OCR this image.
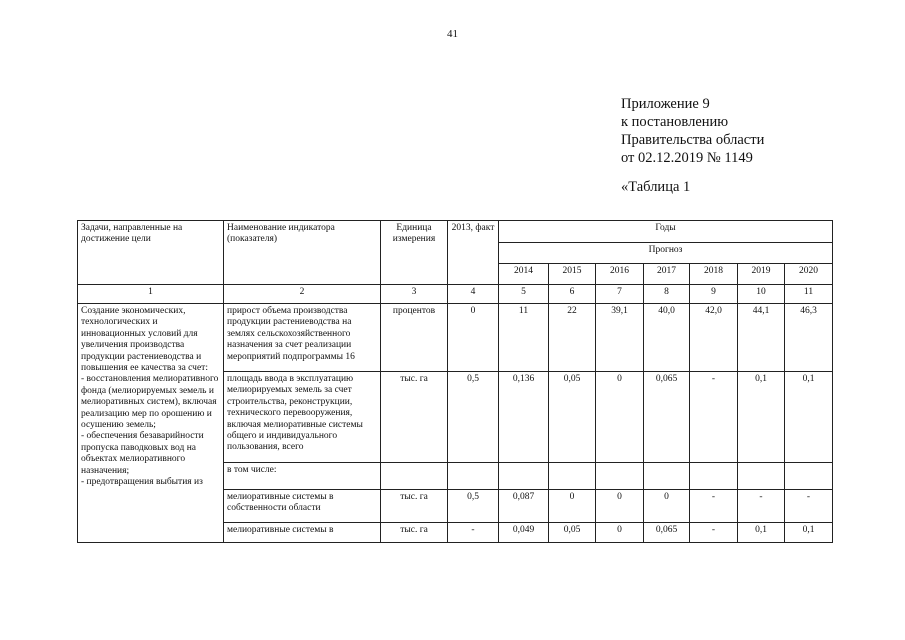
41
Приложение 9
к постановлению
Правительства области
от 02.12.2019 № 1149
«Таблица 1
Задачи, направленные на достижение цели	Наименование индикатора (показателя)	Единица измерения	2013, факт	Годы						
				Прогноз						
				2014	2015	2016	2017	2018	2019	2020
1	2	3	4	5	6	7	8	9	10	11
Создание экономических, технологических и инновационных условий для увеличения производства продукции растениеводства и повышения ее качества за счет:
- восстановления мелиоративного фонда (мелиорируемых земель и мелиоративных систем), включая реализацию мер по орошению и осушению земель;
- обеспечения безаварийности пропуска паводковых вод на объектах мелиоративного назначения;
- предотвращения выбытия из	прирост объема производства продукции растениеводства на землях сельскохозяйственного назначения за счет реализации мероприятий подпрограммы 16	процентов	0	11	22	39,1	40,0	42,0	44,1	46,3
	площадь ввода в эксплуатацию мелиорируемых земель за счет строительства, реконструкции, технического перевооружения, включая мелиоративные системы общего и индивидуального пользования, всего	тыс. га	0,5	0,136	0,05	0	0,065	-	0,1	0,1
	в том числе:									
	мелиоративные системы в собственности области	тыс. га	0,5	0,087	0	0	0	-	-	-
	мелиоративные системы в	тыс. га	-	0,049	0,05	0	0,065	-	0,1	0,1
